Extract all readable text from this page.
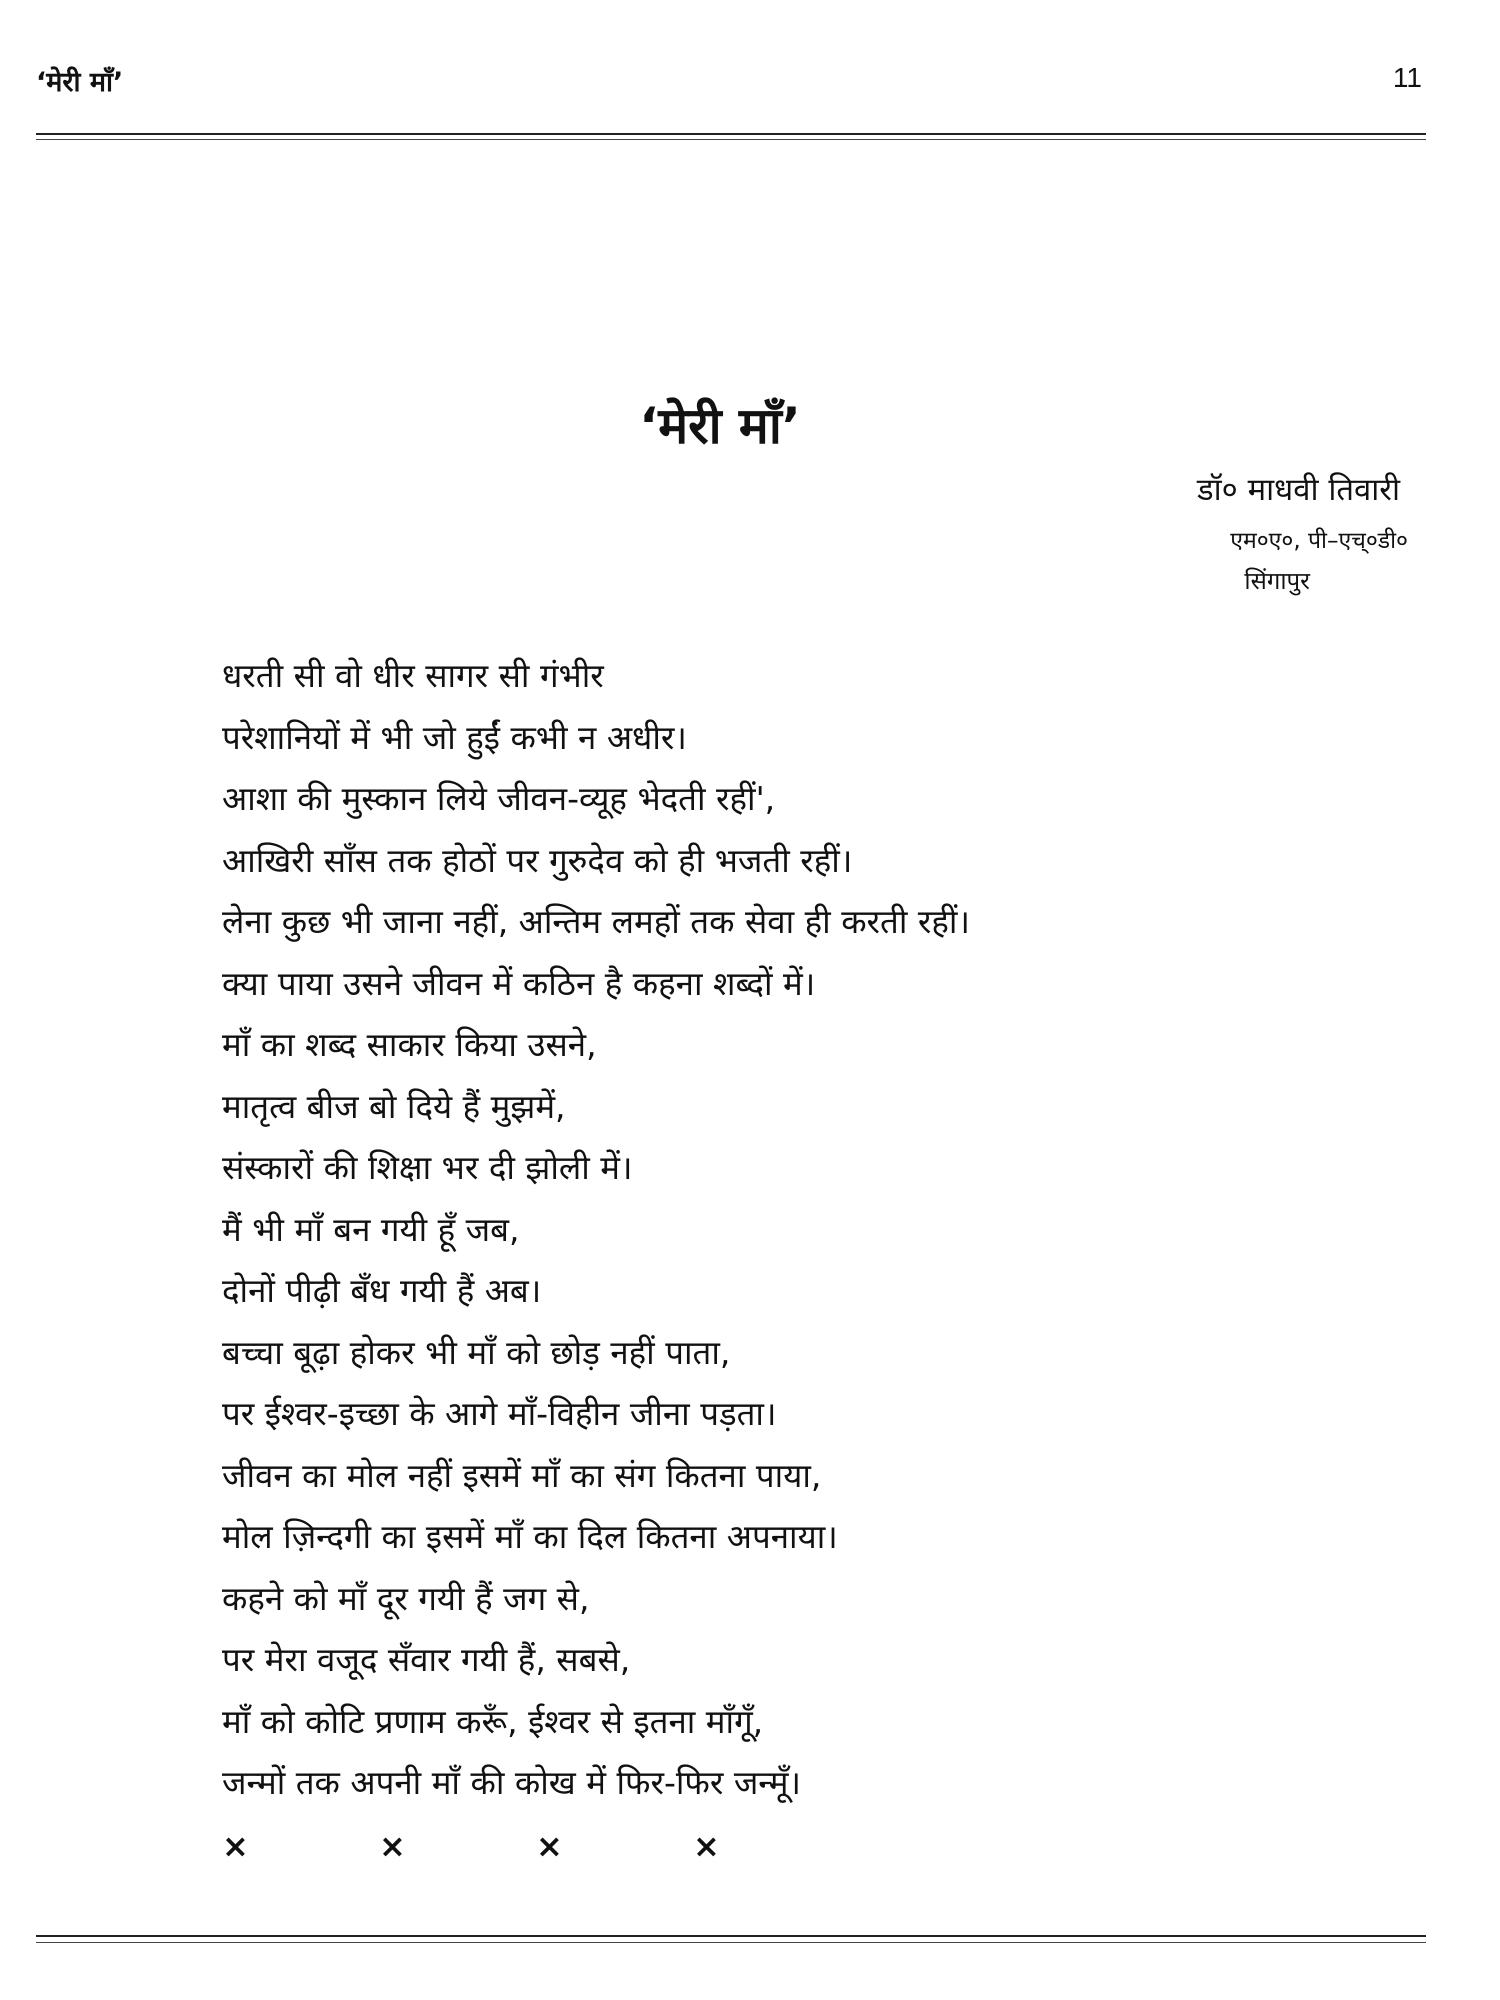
‘मेरी माँ’	11
‘मेरी माँ’
डॉ० माधवी तिवारी
एम०ए०, पी–एच्०डी०
सिंगापुर
धरती सी वो धीर सागर सी गंभीर
परेशानियों में भी जो हुईं कभी न अधीर।
आशा की मुस्कान लिये जीवन-व्यूह भेदती रहीं',
आखिरी साँस तक होठों पर गुरुदेव को ही भजती रहीं।
लेना कुछ भी जाना नहीं, अन्तिम लमहों तक सेवा ही करती रहीं।
क्या पाया उसने जीवन में कठिन है कहना शब्दों में।
माँ का शब्द साकार किया उसने,
मातृत्व बीज बो दिये हैं मुझमें,
संस्कारों की शिक्षा भर दी झोली में।
मैं भी माँ बन गयी हूँ जब,
दोनों पीढ़ी बँध गयी हैं अब।
बच्चा बूढ़ा होकर भी माँ को छोड़ नहीं पाता,
पर ईश्वर-इच्छा के आगे माँ-विहीन जीना पड़ता।
जीवन का मोल नहीं इसमें माँ का संग कितना पाया,
मोल ज़िन्दगी का इसमें माँ का दिल कितना अपनाया।
कहने को माँ दूर गयी हैं जग से,
पर मेरा वजूद सँवार गयी हैं, सबसे,
माँ को कोटि प्रणाम करूँ, ईश्वर से इतना माँगूँ,
जन्मों तक अपनी माँ की कोख में फिर-फिर जन्मूँ।
×	×	×	×
